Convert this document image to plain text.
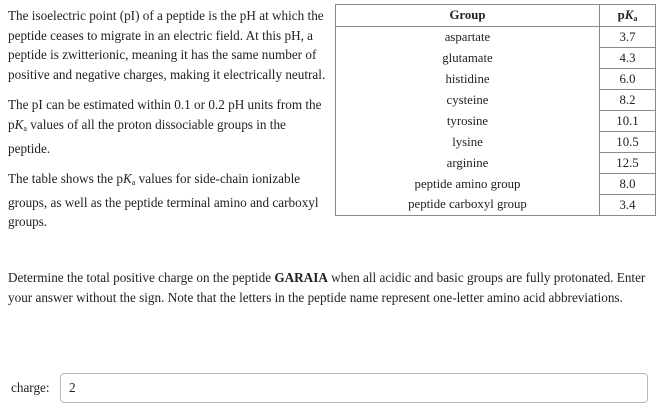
The isoelectric point (pI) of a peptide is the pH at which the peptide ceases to migrate in an electric field. At this pH, a peptide is zwitterionic, meaning it has the same number of positive and negative charges, making it electrically neutral.

The pI can be estimated within 0.1 or 0.2 pH units from the $pK_a$ values of all the proton dissociable groups in the peptide.

The table shows the $pK_a$ values for side-chain ionizable groups, as well as the peptide terminal amino and carboxyl groups.

Group	$pK_a$
aspartate	3.7
glutamate	4.3
histidine	6.0
cysteine	8.2
tyrosine	10.1
lysine	10.5
arginine	12.5
peptide amino group	8.0
peptide carboxyl group	3.4
Determine the total positive charge on the peptide GARAIA when all acidic and basic groups are fully protonated. Enter your answer without the sign. Note that the letters in the peptide name represent one-letter amino acid abbreviations.
charge:
2
